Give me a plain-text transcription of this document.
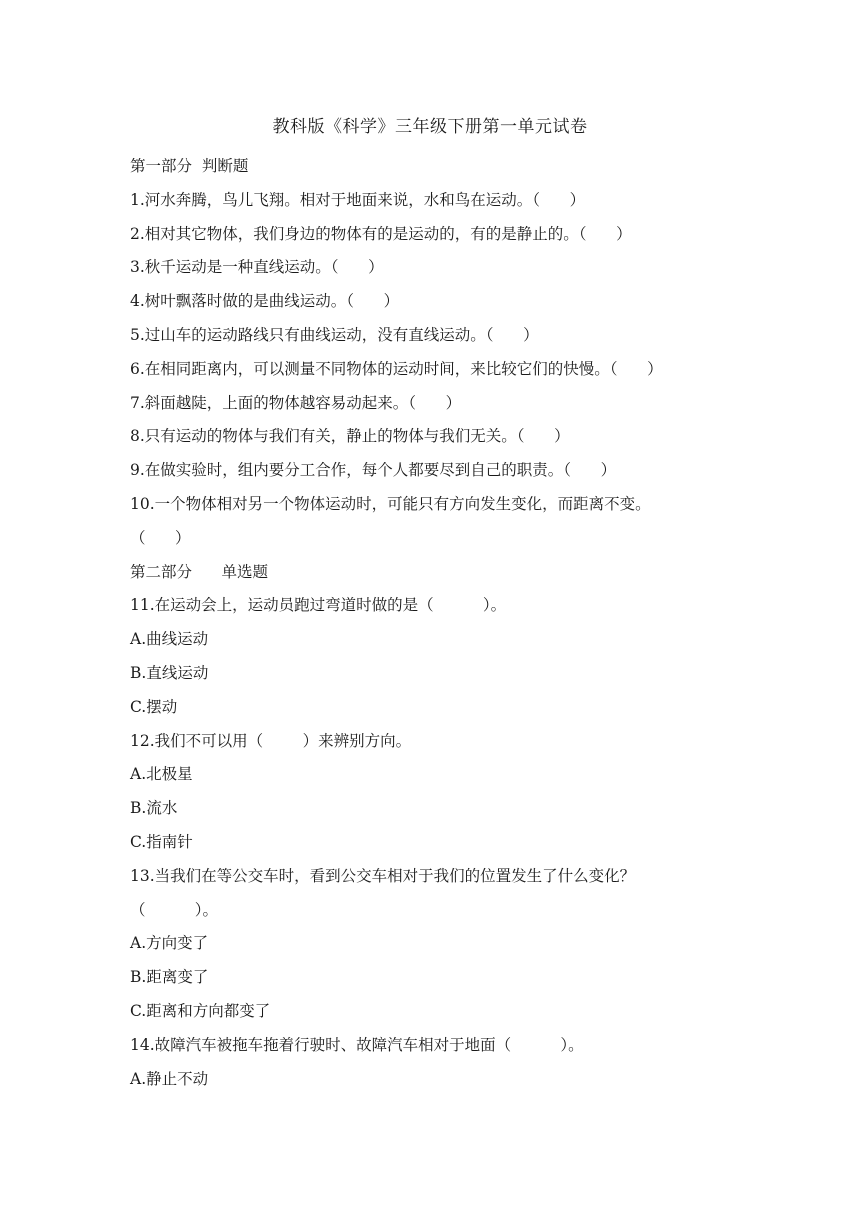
教科版《科学》三年级下册第一单元试卷
第一部分  判断题
1.河水奔腾，鸟儿飞翔。相对于地面来说，水和鸟在运动。（      ）
2.相对其它物体，我们身边的物体有的是运动的，有的是静止的。（      ）
3.秋千运动是一种直线运动。（      ）
4.树叶飘落时做的是曲线运动。（      ）
5.过山车的运动路线只有曲线运动，没有直线运动。（      ）
6.在相同距离内，可以测量不同物体的运动时间，来比较它们的快慢。（      ）
7.斜面越陡，上面的物体越容易动起来。（      ）
8.只有运动的物体与我们有关，静止的物体与我们无关。（      ）
9.在做实验时，组内要分工合作，每个人都要尽到自己的职责。（      ）
10.一个物体相对另一个物体运动时，可能只有方向发生变化，而距离不变。
（      ）
第二部分      单选题
11.在运动会上，运动员跑过弯道时做的是（          ）。
A.曲线运动
B.直线运动
C.摆动
12.我们不可以用（        ）来辨别方向。
A.北极星
B.流水
C.指南针
13.当我们在等公交车时，看到公交车相对于我们的位置发生了什么变化？
（          ）。
A.方向变了
B.距离变了
C.距离和方向都变了
14.故障汽车被拖车拖着行驶时、故障汽车相对于地面（          ）。
A.静止不动
